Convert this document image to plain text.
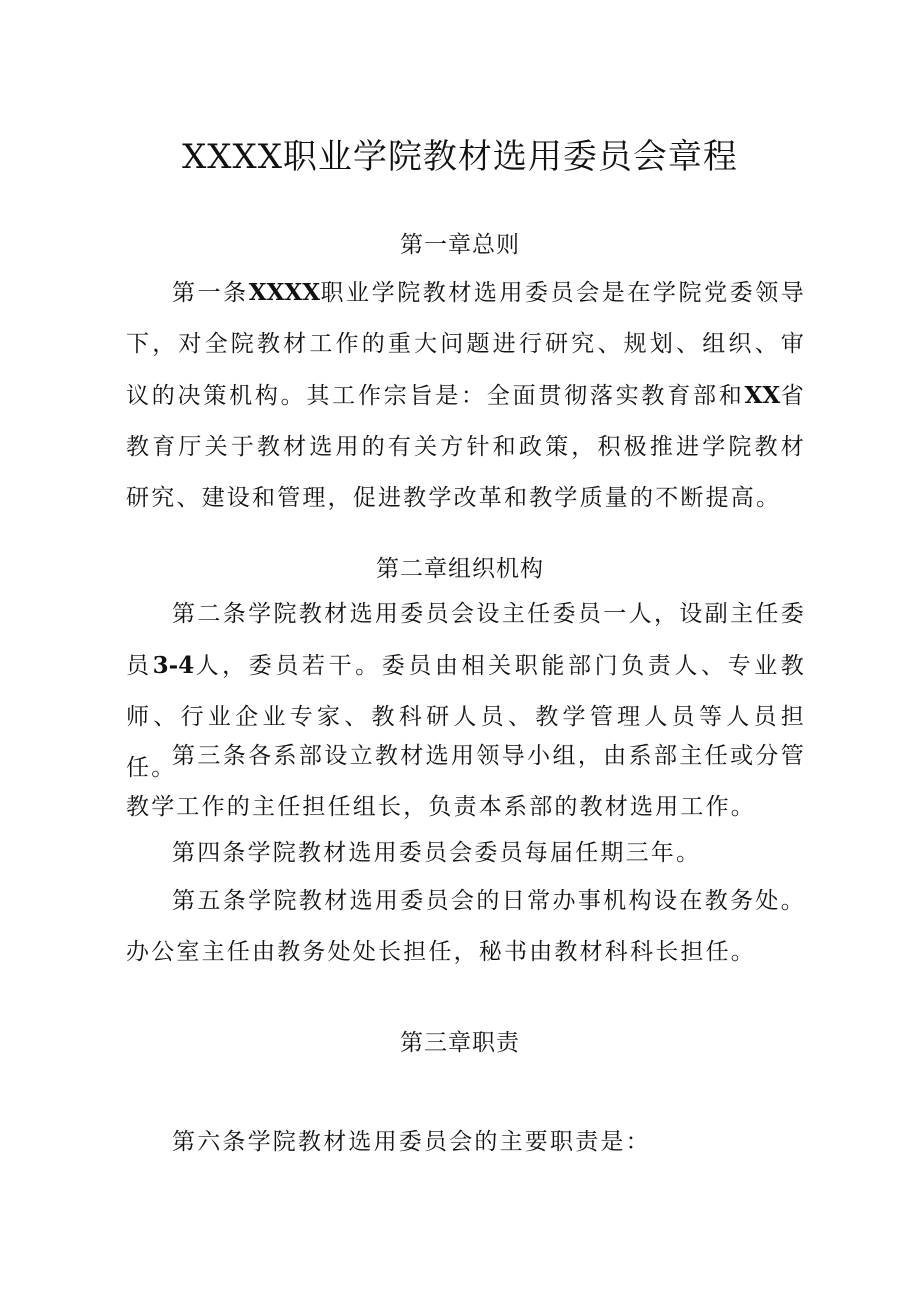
XXXX职业学院教材选用委员会章程
第一章总则

第一条XXXX职业学院教材选用委员会是在学院党委领导下，对全院教材工作的重大问题进行研究、规划、组织、审议的决策机构。其工作宗旨是：全面贯彻落实教育部和XX省教育厅关于教材选用的有关方针和政策，积极推进学院教材研究、建设和管理，促进教学改革和教学质量的不断提高。

第二章组织机构

第二条学院教材选用委员会设主任委员一人，设副主任委员3-4人，委员若干。委员由相关职能部门负责人、专业教师、行业企业专家、教科研人员、教学管理人员等人员担任。

第三条各系部设立教材选用领导小组，由系部主任或分管教学工作的主任担任组长，负责本系部的教材选用工作。

第四条学院教材选用委员会委员每届任期三年。

第五条学院教材选用委员会的日常办事机构设在教务处。办公室主任由教务处处长担任，秘书由教材科科长担任。

第三章职责

第六条学院教材选用委员会的主要职责是：
